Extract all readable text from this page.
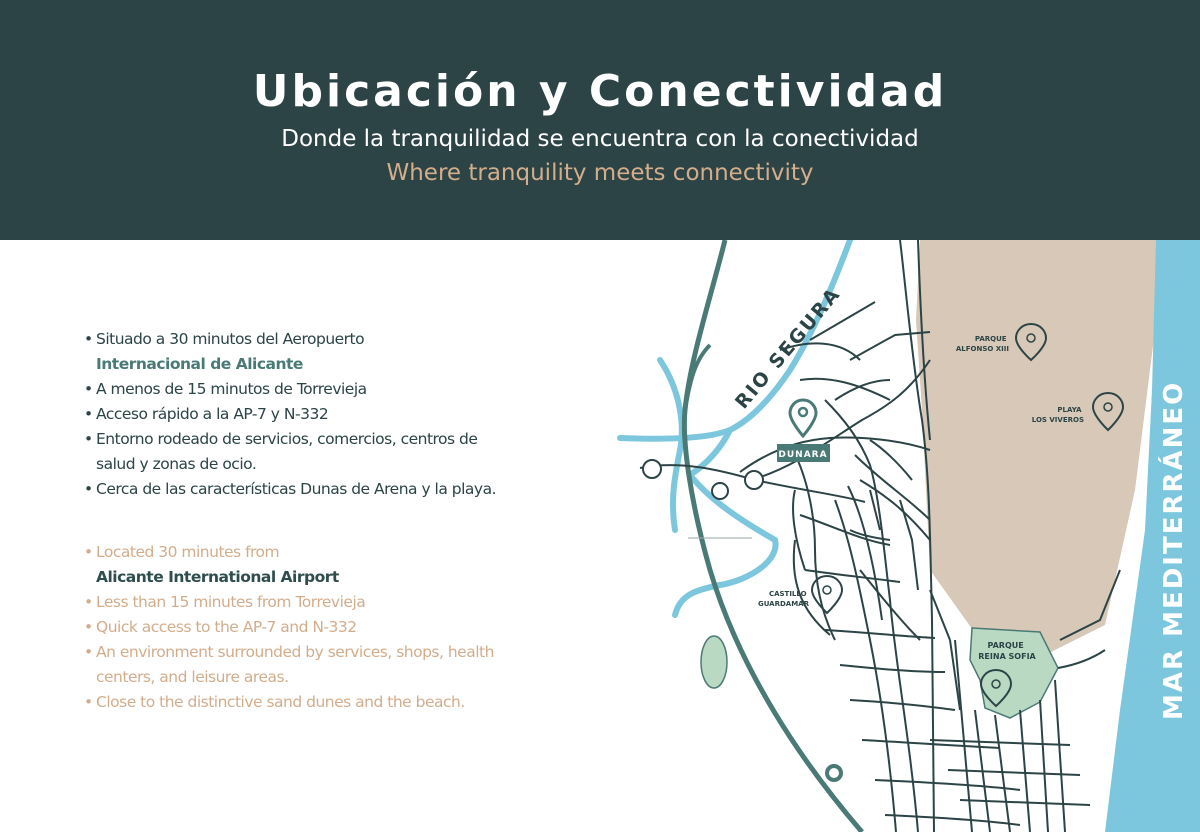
Ubicación y Conectividad
Donde la tranquilidad se encuentra con la conectividad
Where tranquility meets connectivity
• Situado a 30 minutos del Aeropuerto
Internacional de Alicante
• A menos de 15 minutos de Torrevieja
• Acceso rápido a la AP-7 y N-332
• Entorno rodeado de servicios, comercios, centros de
salud y zonas de ocio.
• Cerca de las características Dunas de Arena y la playa.
• Located 30 minutes from
Alicante International Airport
• Less than 15 minutes from Torrevieja
• Quick access to the AP-7 and N-332
• An environment surrounded by services, shops, health
centers, and leisure areas.
• Close to the distinctive sand dunes and the beach.
RIO SEGURA
MAR MEDITERRÁNEO
DUNARA
PARQUE ALFONSO XIII
PLAYA LOS VIVEROS
CASTILLO GUARDAMAR
PARQUE REINA SOFIA
